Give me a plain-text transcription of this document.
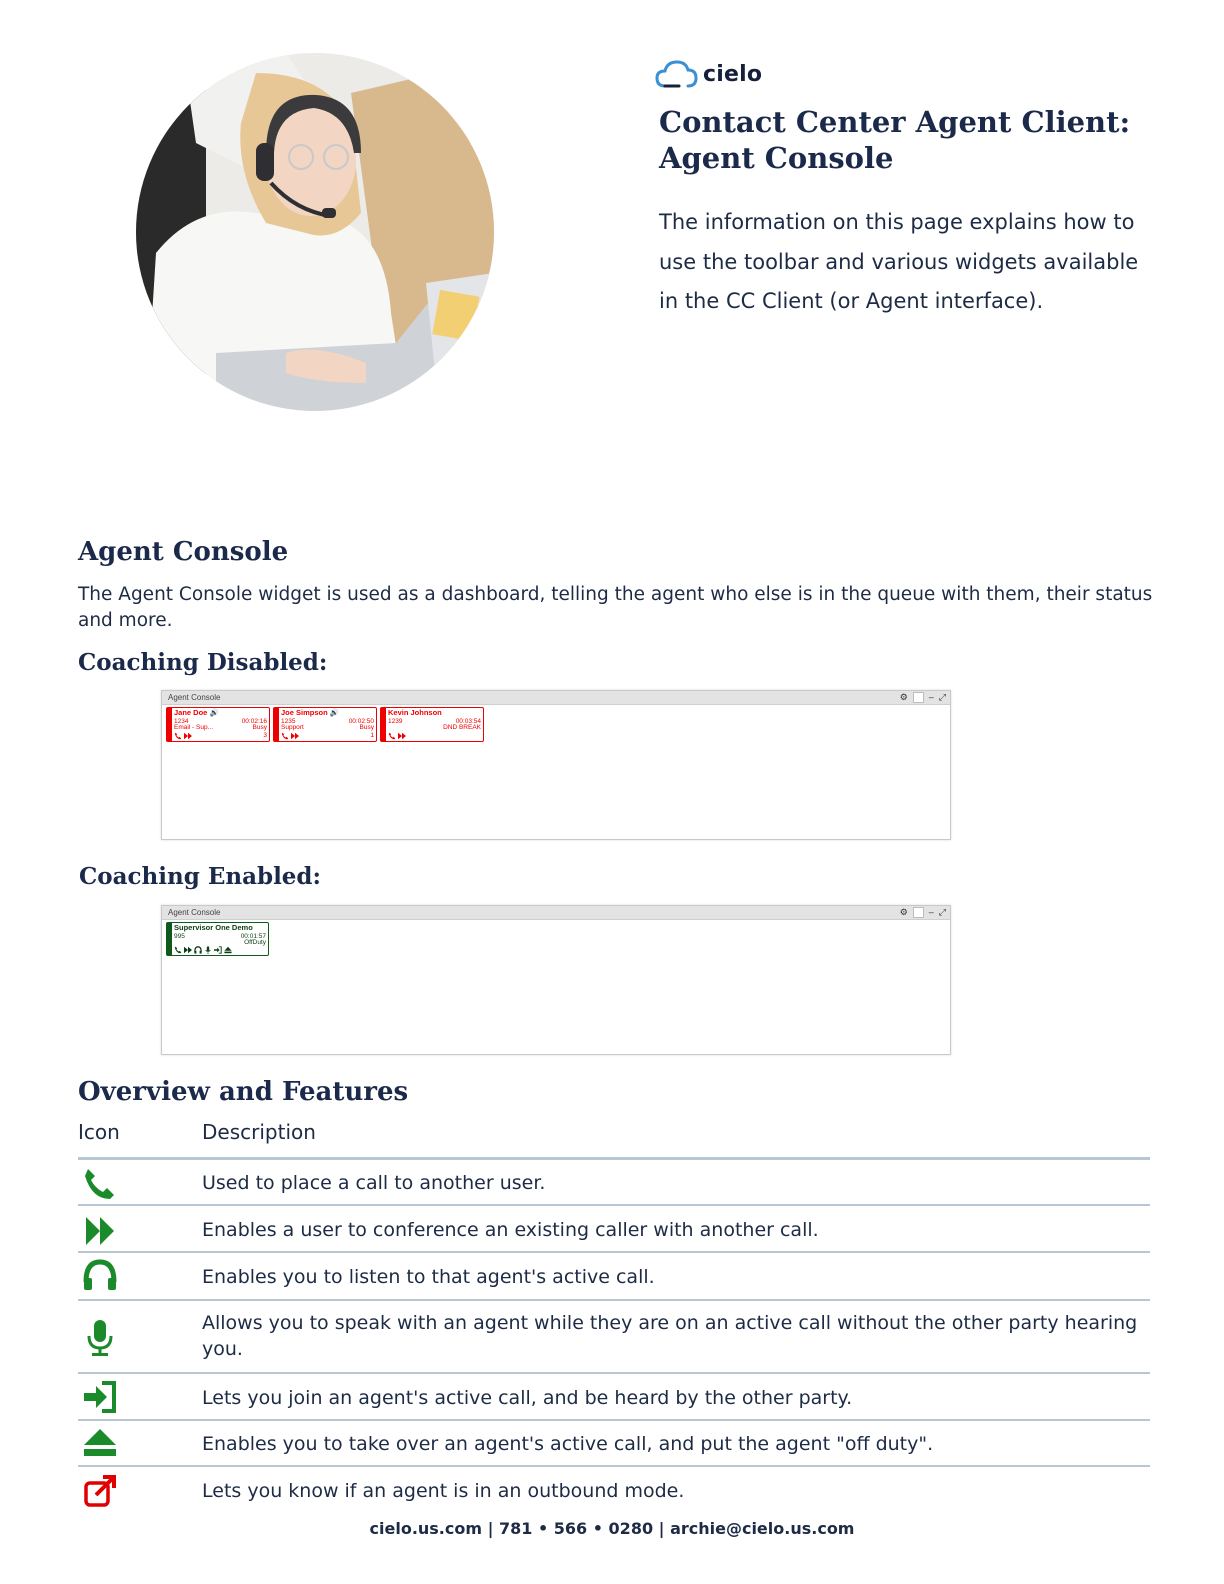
cielo
Contact Center Agent Client:
Agent Console

The information on this page explains how to use the toolbar and various widgets available in the CC Client (or Agent interface).

Agent Console

The Agent Console widget is used as a dashboard, telling the agent who else is in the queue with them, their status and more.

Coaching Disabled:
Agent Console	⚙ – ⤢
Jane Doe 🔊
1234
Email - Sup...
00:02:16
Busy
3
Joe Simpson 🔊
1235
Support
00:02:50
Busy
1
Kevin Johnson
1239	00:03:54
DND BREAK
Coaching Enabled:
Agent Console	⚙ – ⤢
Supervisor One Demo
995	00:01:57
OffDuty
Overview and Features
Icon	Description

Used to place a call to another user.

Enables a user to conference an existing caller with another call.

Enables you to listen to that agent's active call.

Allows you to speak with an agent while they are on an active call without the other party hearing you.

Lets you join an agent's active call, and be heard by the other party.

Enables you to take over an agent's active call, and put the agent "off duty".

Lets you know if an agent is in an outbound mode.

cielo.us.com | 781 • 566 • 0280 | archie@cielo.us.com
